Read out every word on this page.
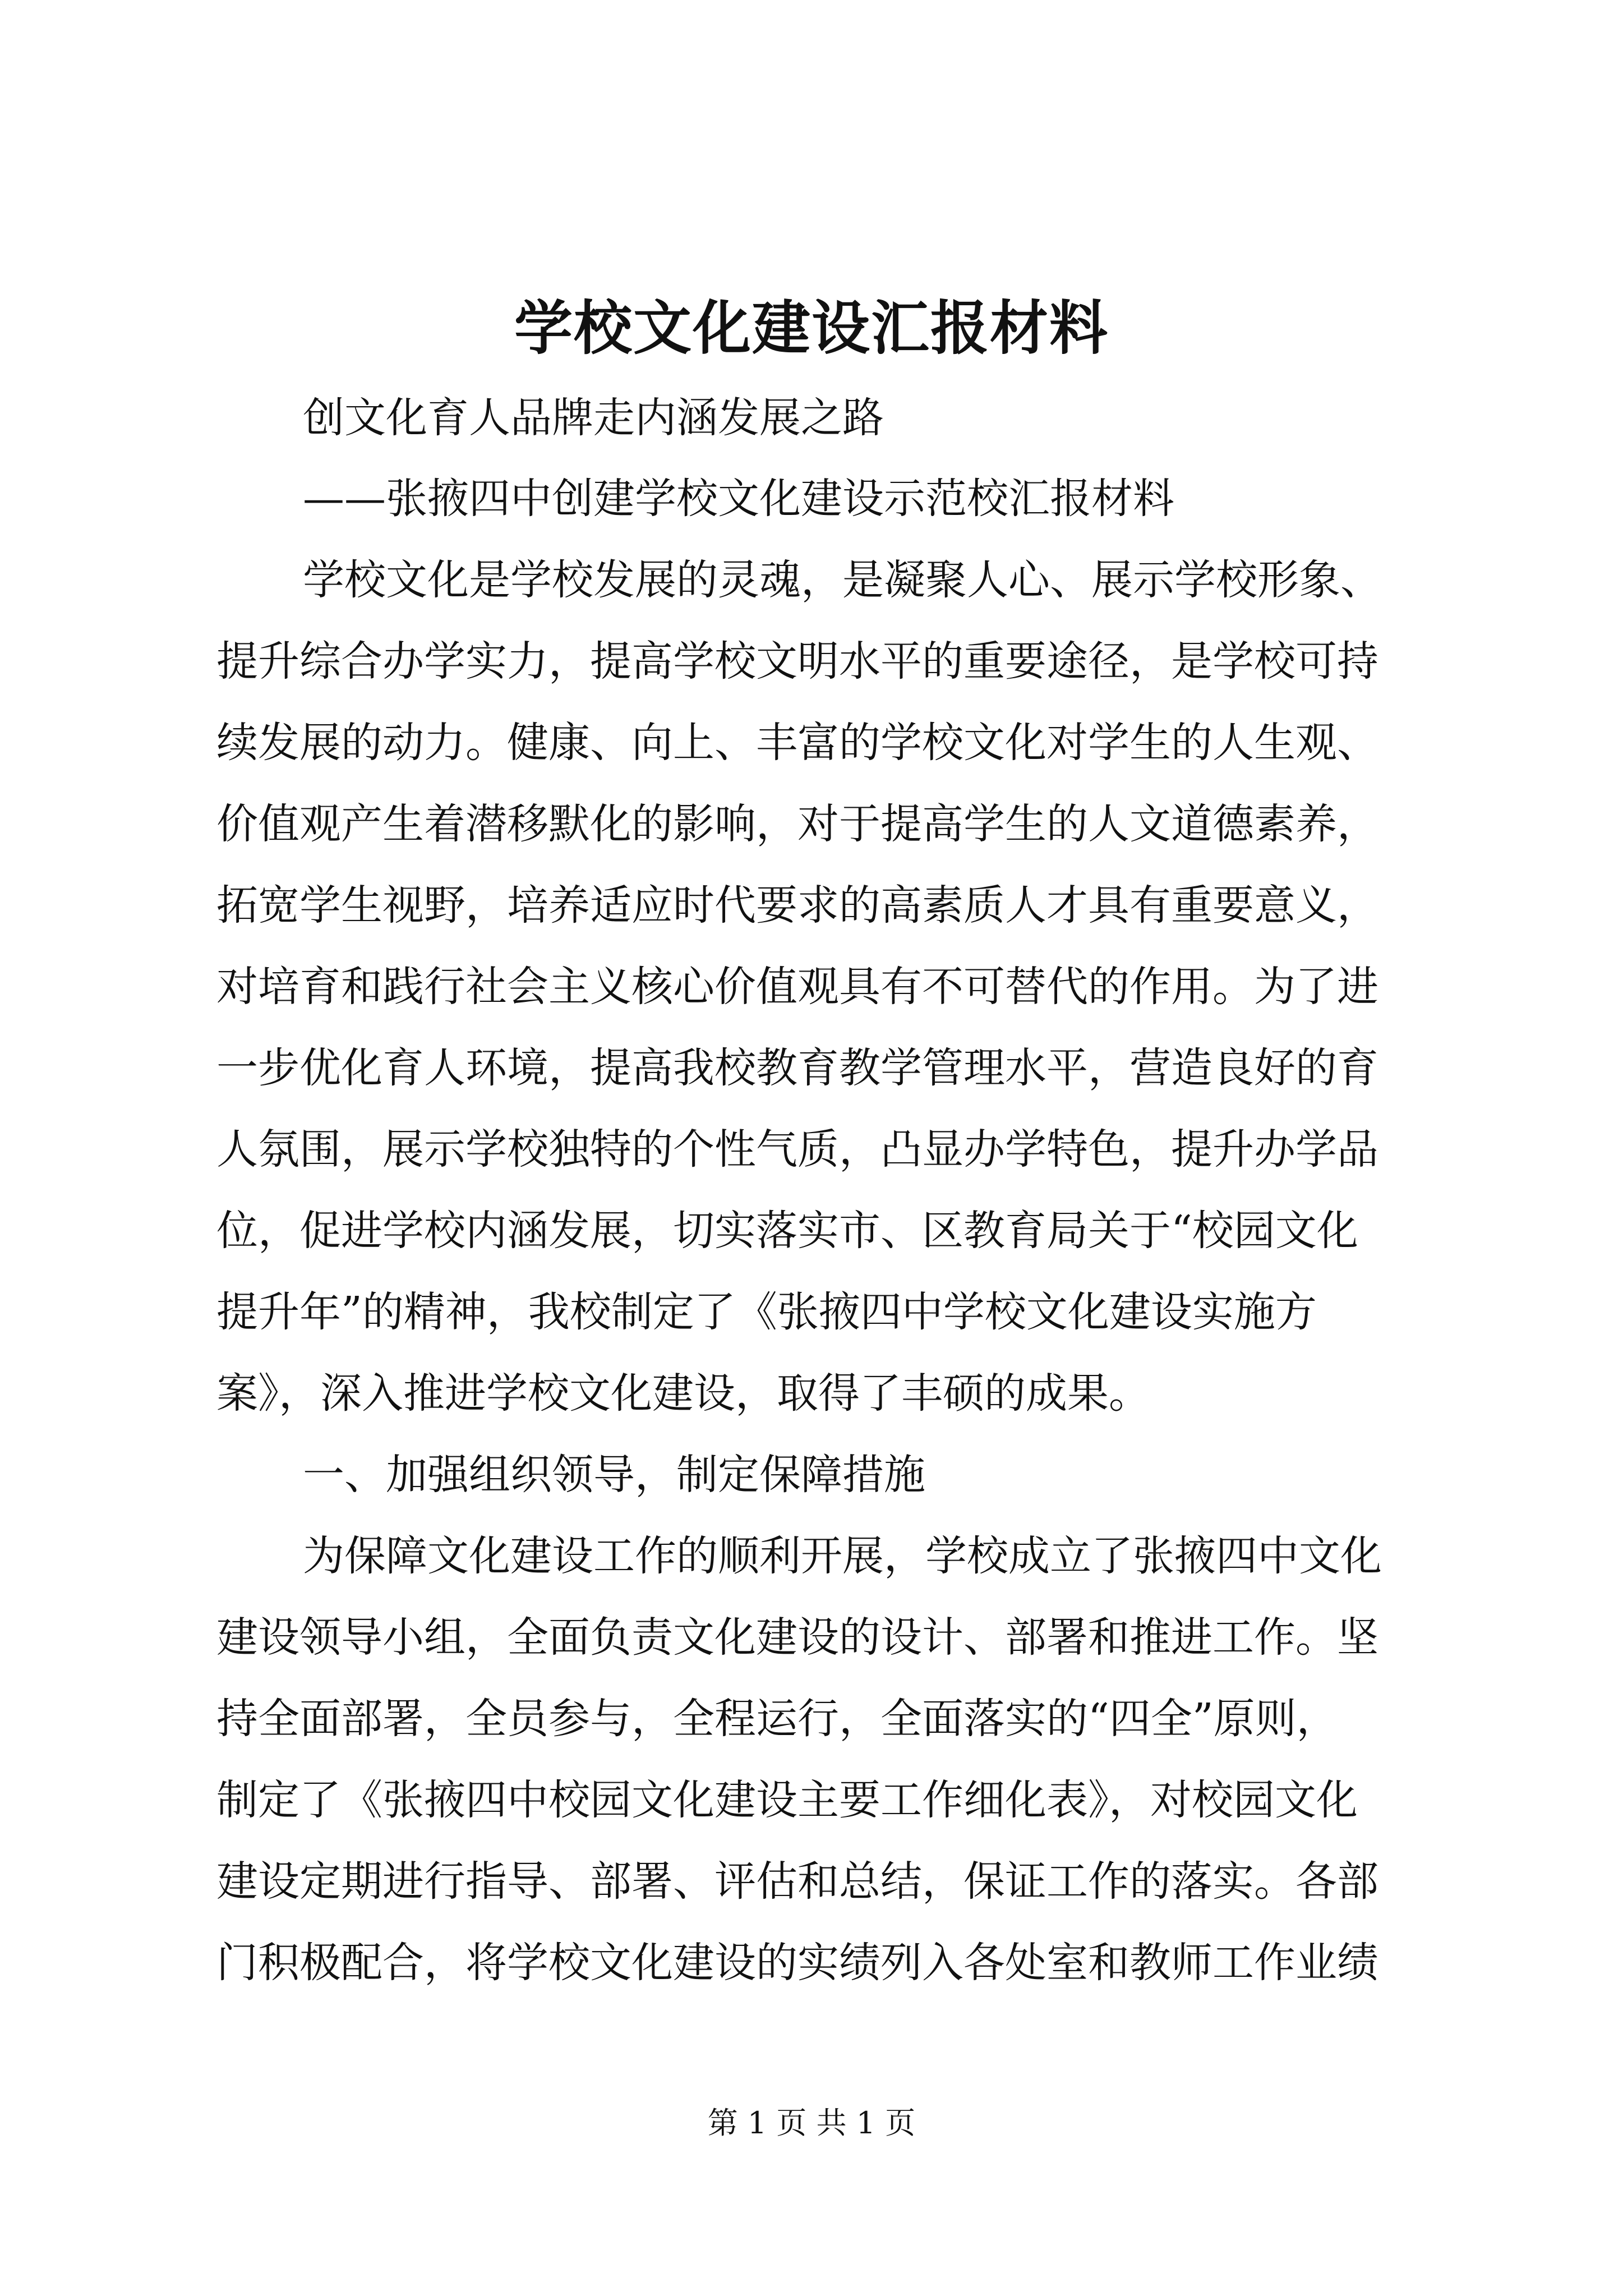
学校文化建设汇报材料
创文化育人品牌走内涵发展之路
——张掖四中创建学校文化建设示范校汇报材料
学校文化是学校发展的灵魂，是凝聚人心、展示学校形象、
提升综合办学实力，提高学校文明水平的重要途径，是学校可持
续发展的动力。健康、向上、丰富的学校文化对学生的人生观、
价值观产生着潜移默化的影响，对于提高学生的人文道德素养，
拓宽学生视野，培养适应时代要求的高素质人才具有重要意义，
对培育和践行社会主义核心价值观具有不可替代的作用。为了进
一步优化育人环境，提高我校教育教学管理水平，营造良好的育
人氛围，展示学校独特的个性气质，凸显办学特色，提升办学品
位，促进学校内涵发展，切实落实市、区教育局关于“校园文化
提升年”的精神，我校制定了《张掖四中学校文化建设实施方
案》，深入推进学校文化建设，取得了丰硕的成果。
一、加强组织领导，制定保障措施
为保障文化建设工作的顺利开展，学校成立了张掖四中文化
建设领导小组，全面负责文化建设的设计、部署和推进工作。坚
持全面部署，全员参与，全程运行，全面落实的“四全”原则，
制定了《张掖四中校园文化建设主要工作细化表》，对校园文化
建设定期进行指导、部署、评估和总结，保证工作的落实。各部
门积极配合，将学校文化建设的实绩列入各处室和教师工作业绩
第 1 页 共 1 页
